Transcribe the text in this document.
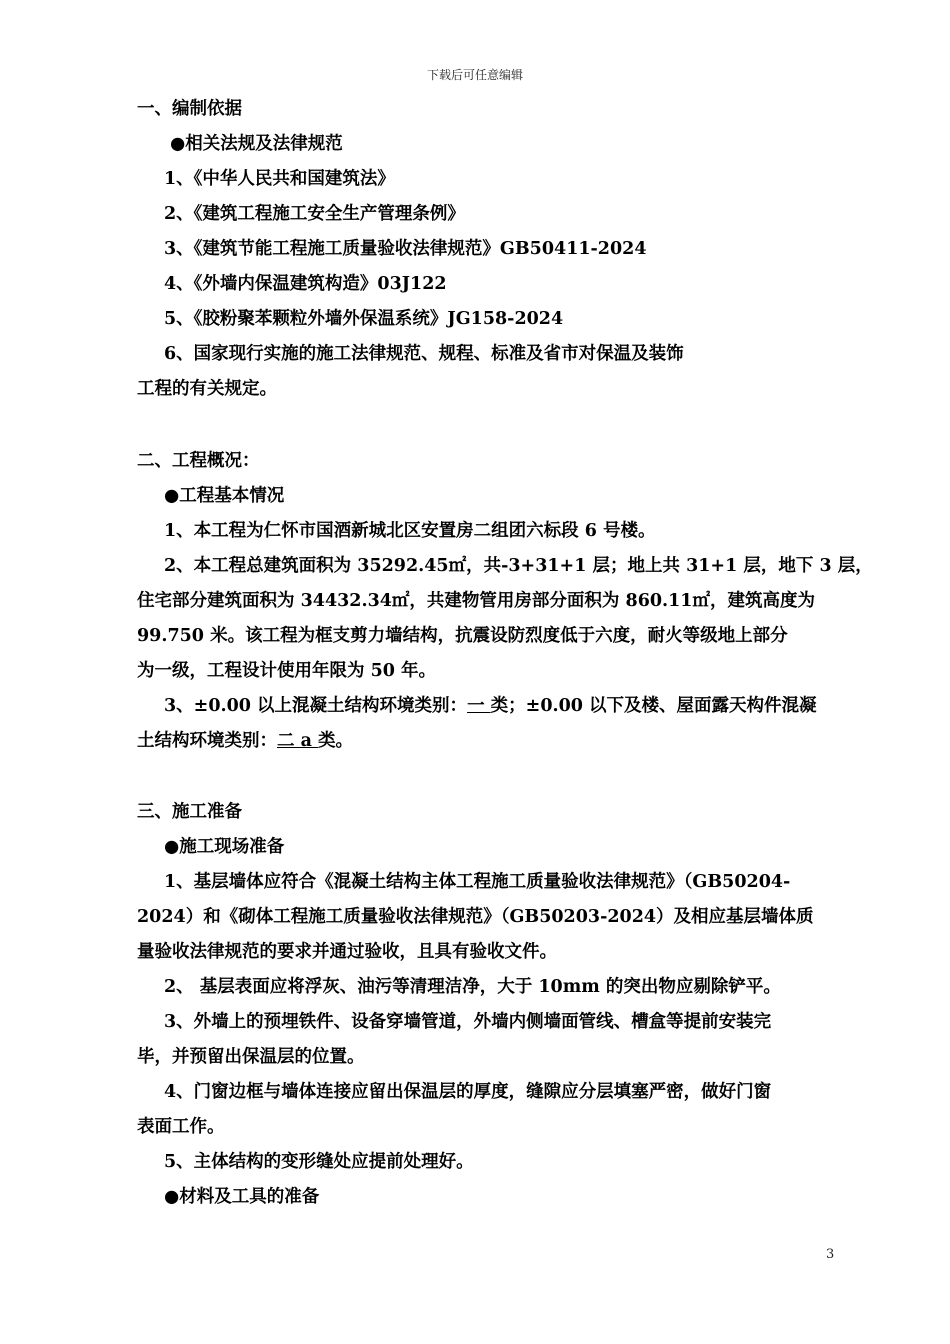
下载后可任意编辑

一、编制依据

●相关法规及法律规范

1、《中华人民共和国建筑法》

2、《建筑工程施工安全生产管理条例》

3、《建筑节能工程施工质量验收法律规范》GB50411-2024

4、《外墙内保温建筑构造》03J122

5、《胶粉聚苯颗粒外墙外保温系统》JG158-2024

6、国家现行实施的施工法律规范、规程、标准及省市对保温及装饰

工程的有关规定。

二、工程概况：

●工程基本情况

1、本工程为仁怀市国酒新城北区安置房二组团六标段 6 号楼。

2、本工程总建筑面积为 35292.45㎡，共-3+31+1 层；地上共 31+1 层，地下 3 层，

住宅部分建筑面积为 34432.34㎡，共建物管用房部分面积为 860.11㎡，建筑高度为

99.750 米。该工程为框支剪力墙结构，抗震设防烈度低于六度，耐火等级地上部分

为一级，工程设计使用年限为 50 年。

3、±0.00 以上混凝土结构环境类别：一 类；±0.00 以下及楼、屋面露天构件混凝

土结构环境类别：二 a 类。

三、施工准备

●施工现场准备

1、基层墙体应符合《混凝土结构主体工程施工质量验收法律规范》（GB50204-

2024）和《砌体工程施工质量验收法律规范》（GB50203-2024）及相应基层墙体质

量验收法律规范的要求并通过验收，且具有验收文件。

2、 基层表面应将浮灰、油污等清理洁净，大于 10mm 的突出物应剔除铲平。

3、外墙上的预埋铁件、设备穿墙管道，外墙内侧墙面管线、槽盒等提前安装完

毕，并预留出保温层的位置。

4、门窗边框与墙体连接应留出保温层的厚度，缝隙应分层填塞严密，做好门窗

表面工作。

5、主体结构的变形缝处应提前处理好。

●材料及工具的准备

3
